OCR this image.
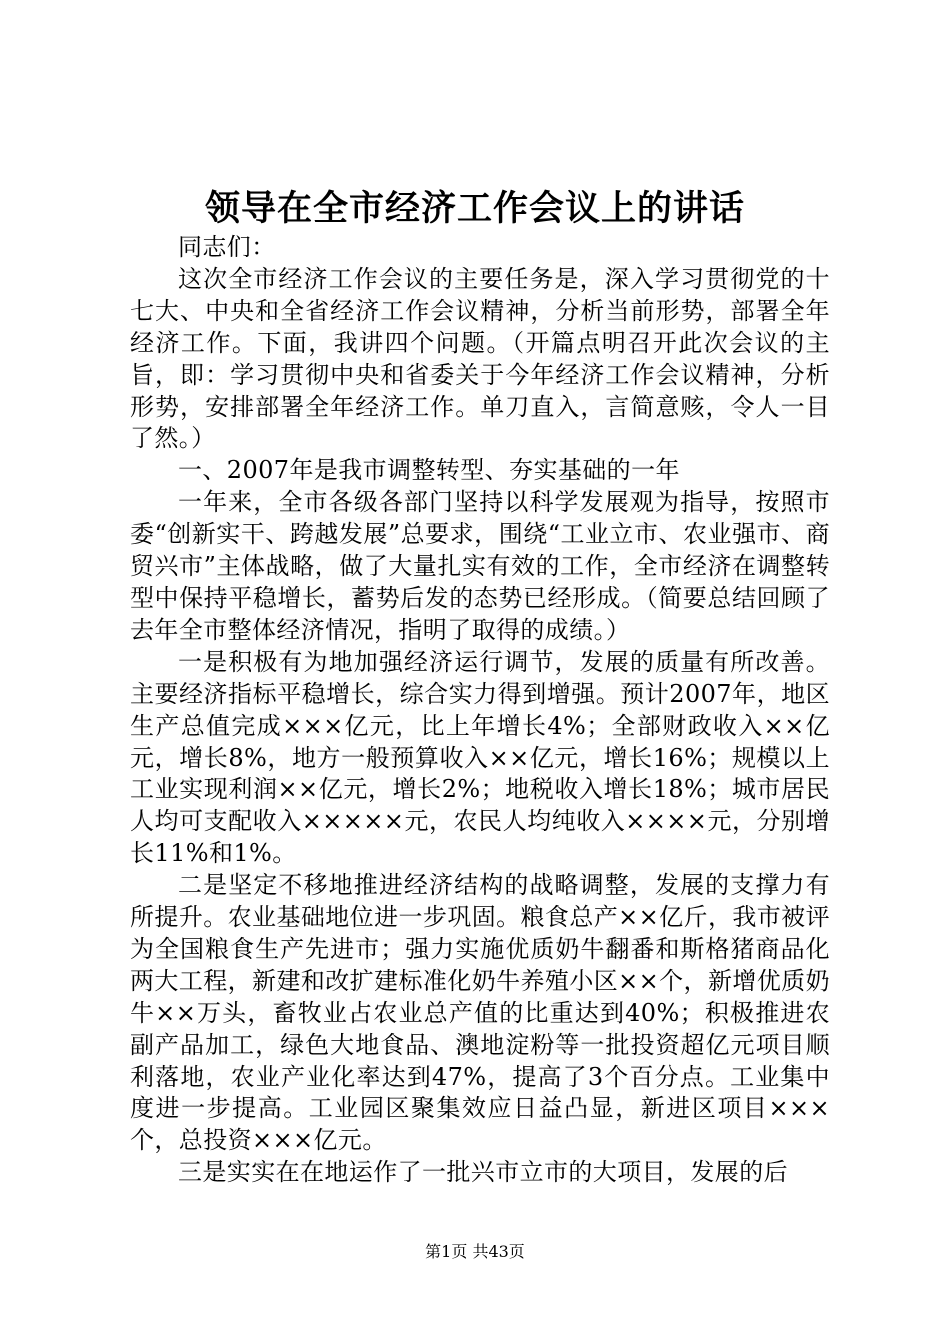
领导在全市经济工作会议上的讲话

同志们：

这次全市经济工作会议的主要任务是，深入学习贯彻党的十七大、中央和全省经济工作会议精神，分析当前形势，部署全年经济工作。下面，我讲四个问题。（开篇点明召开此次会议的主旨，即：学习贯彻中央和省委关于今年经济工作会议精神，分析形势，安排部署全年经济工作。单刀直入，言简意赅，令人一目了然。）

一、2007年是我市调整转型、夯实基础的一年

一年来，全市各级各部门坚持以科学发展观为指导，按照市委“创新实干、跨越发展”总要求，围绕“工业立市、农业强市、商贸兴市”主体战略，做了大量扎实有效的工作，全市经济在调整转型中保持平稳增长，蓄势后发的态势已经形成。（简要总结回顾了去年全市整体经济情况，指明了取得的成绩。）

一是积极有为地加强经济运行调节，发展的质量有所改善。主要经济指标平稳增长，综合实力得到增强。预计2007年，地区生产总值完成×××亿元，比上年增长4%；全部财政收入××亿元，增长8%，地方一般预算收入××亿元，增长16%；规模以上工业实现利润××亿元，增长2%；地税收入增长18%；城市居民人均可支配收入×××××元，农民人均纯收入××××元，分别增长11%和1%。

二是坚定不移地推进经济结构的战略调整，发展的支撑力有所提升。农业基础地位进一步巩固。粮食总产××亿斤，我市被评为全国粮食生产先进市；强力实施优质奶牛翻番和斯格猪商品化两大工程，新建和改扩建标准化奶牛养殖小区××个，新增优质奶牛××万头，畜牧业占农业总产值的比重达到40%；积极推进农副产品加工，绿色大地食品、澳地淀粉等一批投资超亿元项目顺利落地，农业产业化率达到47%，提高了3个百分点。工业集中度进一步提高。工业园区聚集效应日益凸显，新进区项目×××个，总投资×××亿元。

三是实实在在地运作了一批兴市立市的大项目，发展的后

第1页 共43页
